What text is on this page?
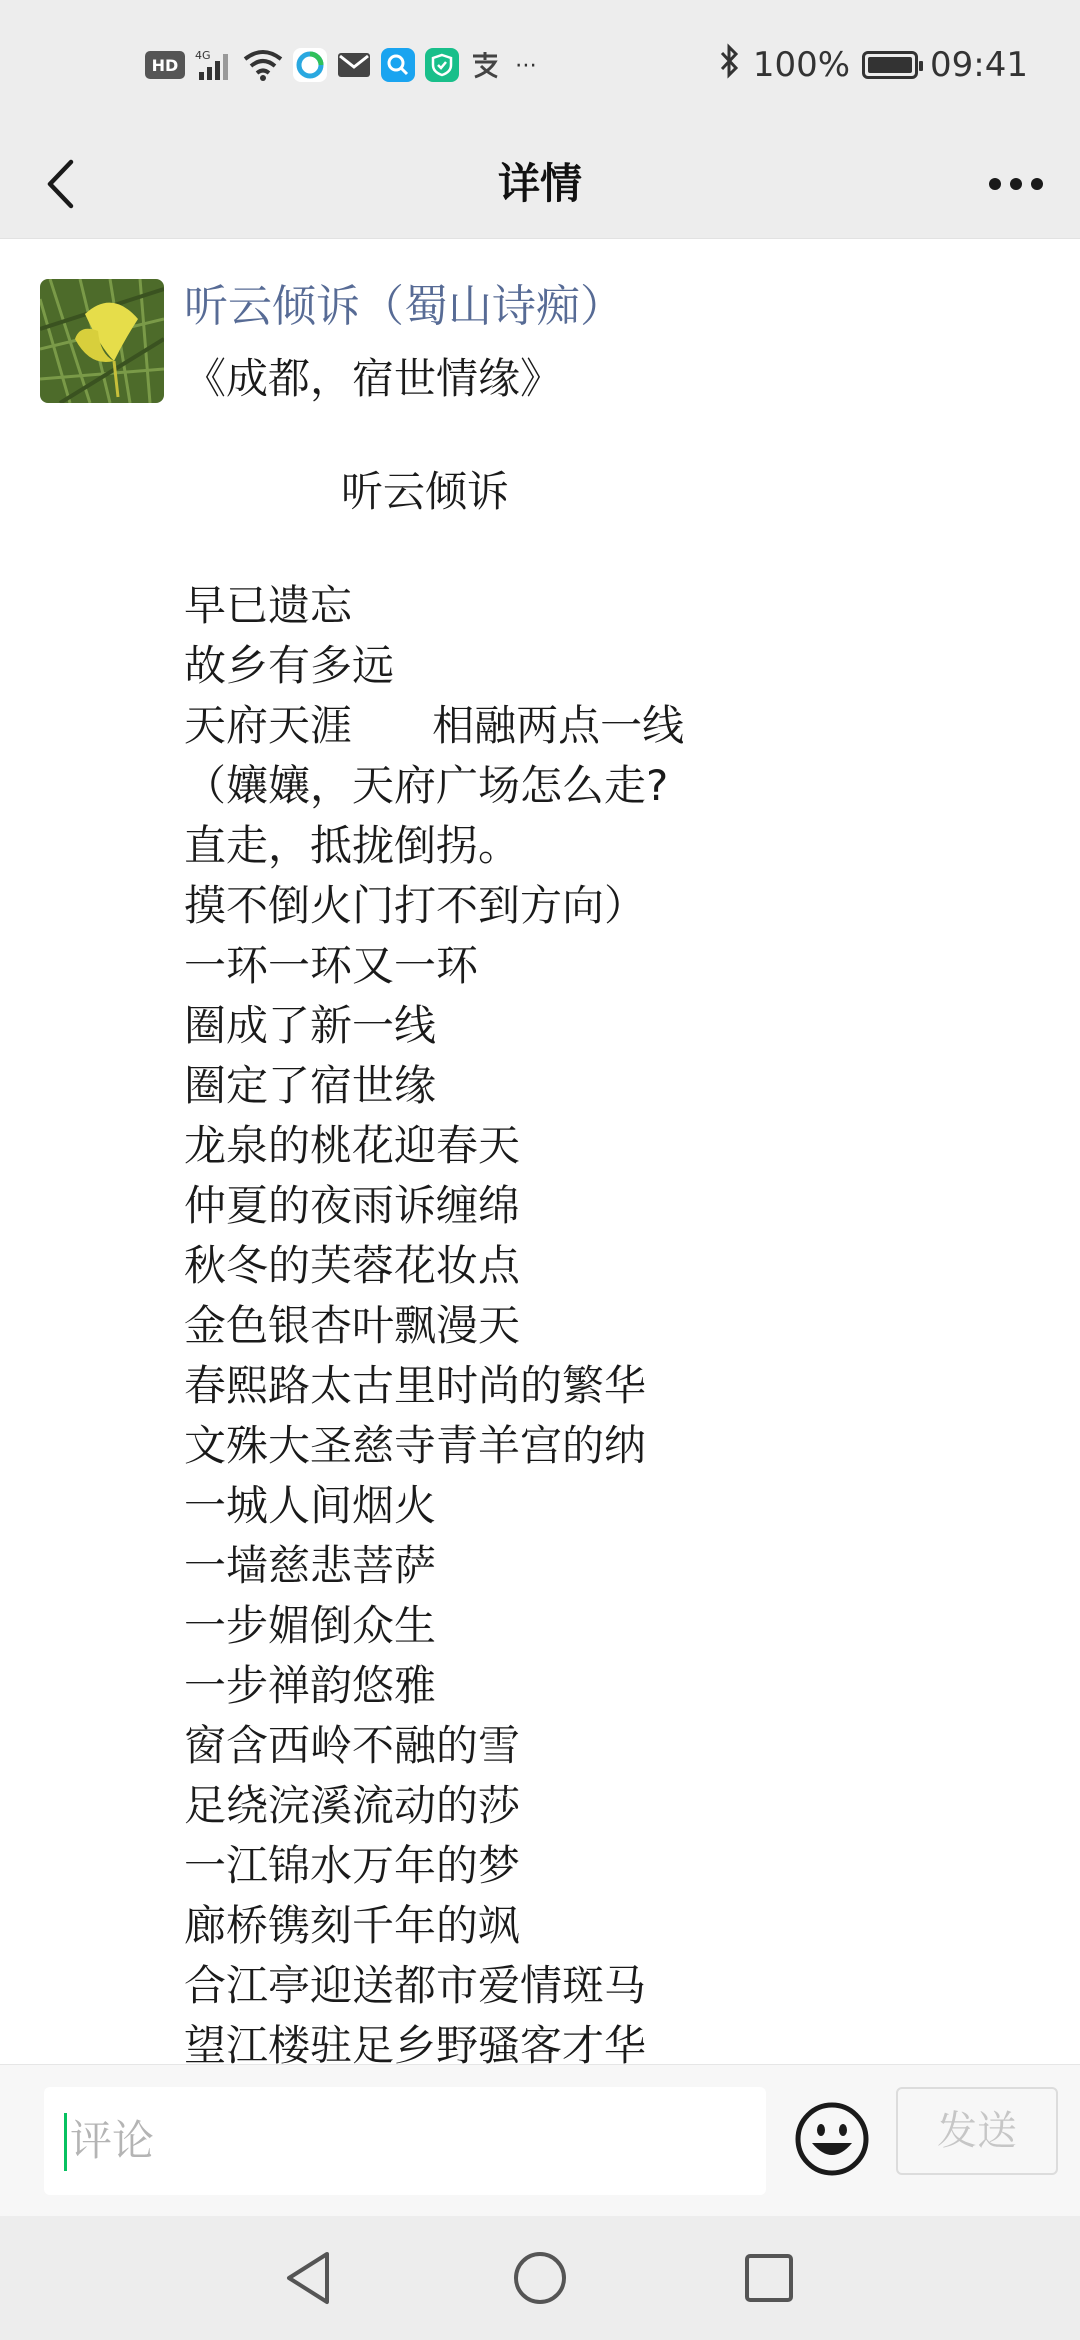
HD	4G	⋯	100% 09:41
详情
听云倾诉（蜀山诗痴）
《成都，宿世情缘》
听云倾诉
早已遗忘
故乡有多远
天府天涯      相融两点一线
（孃孃，天府广场怎么走?
直走，抵拢倒拐。
摸不倒火门打不到方向）
一环一环又一环
圈成了新一线
圈定了宿世缘
龙泉的桃花迎春天
仲夏的夜雨诉缠绵
秋冬的芙蓉花妆点
金色银杏叶飘漫天
春熙路太古里时尚的繁华
文殊大圣慈寺青羊宫的纳
一城人间烟火
一墙慈悲菩萨
一步媚倒众生
一步禅韵悠雅
窗含西岭不融的雪
足绕浣溪流动的莎
一江锦水万年的梦
廊桥镌刻千年的飒
合江亭迎送都市爱情斑马
望江楼驻足乡野骚客才华
评论	发送
